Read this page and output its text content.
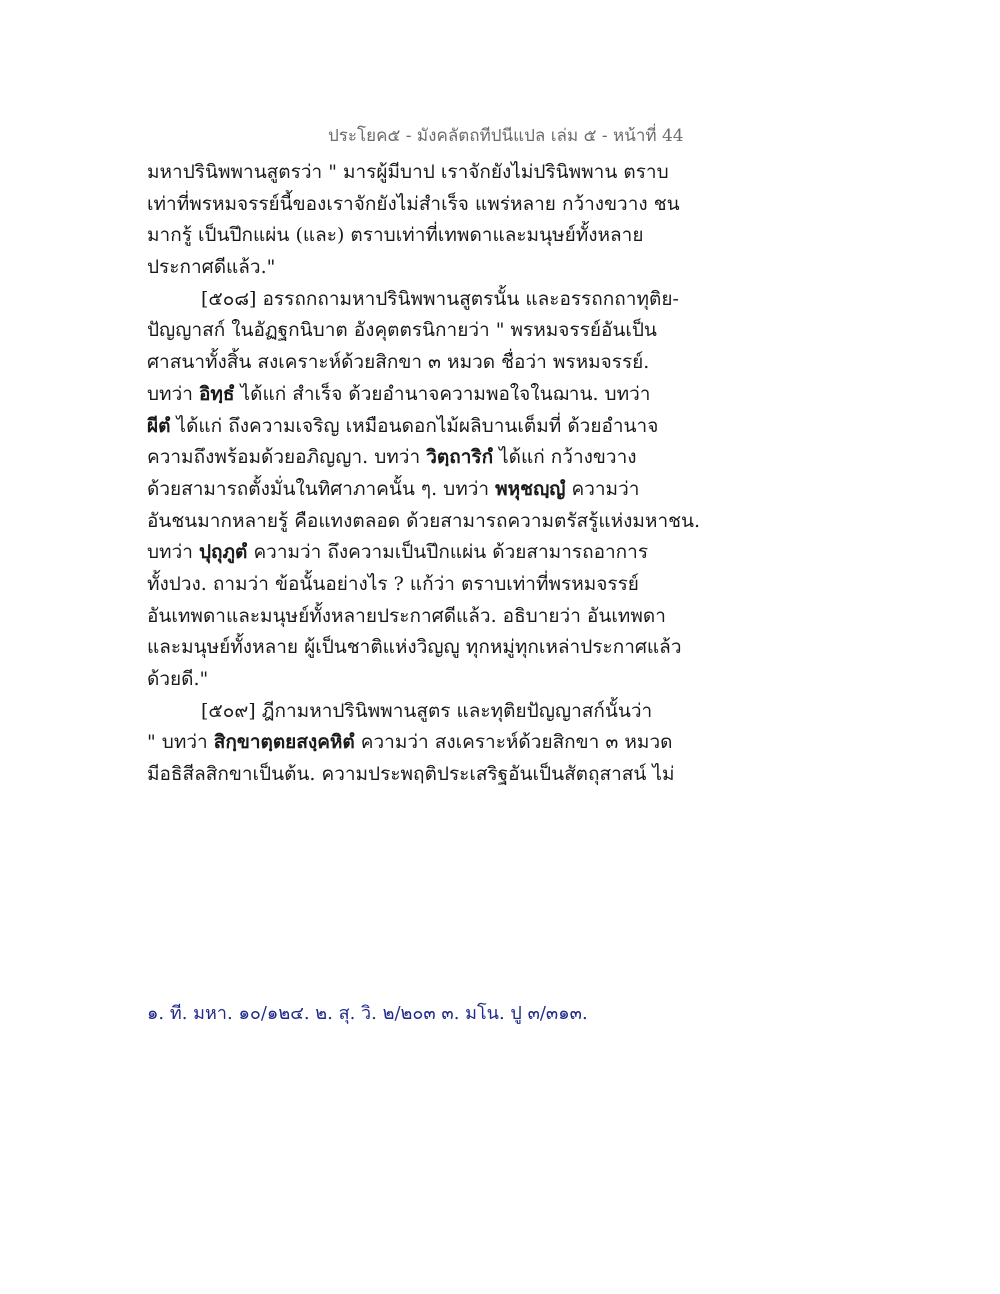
ประโยค๕ - มังคลัตถทีปนีแปล เล่ม ๕ - หน้าที่ 44
มหาปรินิพพานสูตรว่า " มารผู้มีบาป เราจักยังไม่ปรินิพพาน ตราบ
เท่าที่พรหมจรรย์นี้ของเราจักยังไม่สำเร็จ แพร่หลาย กว้างขวาง ชน
มากรู้ เป็นปึกแผ่น (และ) ตราบเท่าที่เทพดาและมนุษย์ทั้งหลาย
ประกาศดีแล้ว."
[๕๐๘] อรรถกถามหาปรินิพพานสูตรนั้น และอรรถกถาทุติย-
ปัญญาสก์ ในอัฏฐกนิบาต อังคุตตรนิกายว่า " พรหมจรรย์อันเป็น
ศาสนาทั้งสิ้น สงเคราะห์ด้วยสิกขา ๓ หมวด ชื่อว่า พรหมจรรย์.
บทว่า อิทฺธํ ได้แก่ สำเร็จ ด้วยอำนาจความพอใจในฌาน. บทว่า
ผีตํ ได้แก่ ถึงความเจริญ เหมือนดอกไม้ผลิบานเต็มที่ ด้วยอำนาจ
ความถึงพร้อมด้วยอภิญญา. บทว่า วิตฺถาริกํ ได้แก่ กว้างขวาง
ด้วยสามารถตั้งมั่นในทิศาภาคนั้น ๆ. บทว่า พหุชญฺญํ ความว่า
อันชนมากหลายรู้ คือแทงตลอด ด้วยสามารถความตรัสรู้แห่งมหาชน.
บทว่า ปุถุภูตํ ความว่า ถึงความเป็นปึกแผ่น ด้วยสามารถอาการ
ทั้งปวง. ถามว่า ข้อนั้นอย่างไร ? แก้ว่า ตราบเท่าที่พรหมจรรย์
อันเทพดาและมนุษย์ทั้งหลายประกาศดีแล้ว. อธิบายว่า อันเทพดา
และมนุษย์ทั้งหลาย ผู้เป็นชาติแห่งวิญญู ทุกหมู่ทุกเหล่าประกาศแล้ว
ด้วยดี."
[๕๐๙] ฎีกามหาปรินิพพานสูตร และทุติยปัญญาสก์นั้นว่า
" บทว่า สิกฺขาตฺตยสงฺคหิตํ ความว่า สงเคราะห์ด้วยสิกขา ๓ หมวด
มีอธิสีลสิกขาเป็นต้น. ความประพฤติประเสริฐอันเป็นสัตถุสาสน์ ไม่
๑. ที. มหา. ๑๐/๑๒๔. ๒. สุ. วิ. ๒/๒๐๓ ๓. มโน. ปู ๓/๓๑๓.
